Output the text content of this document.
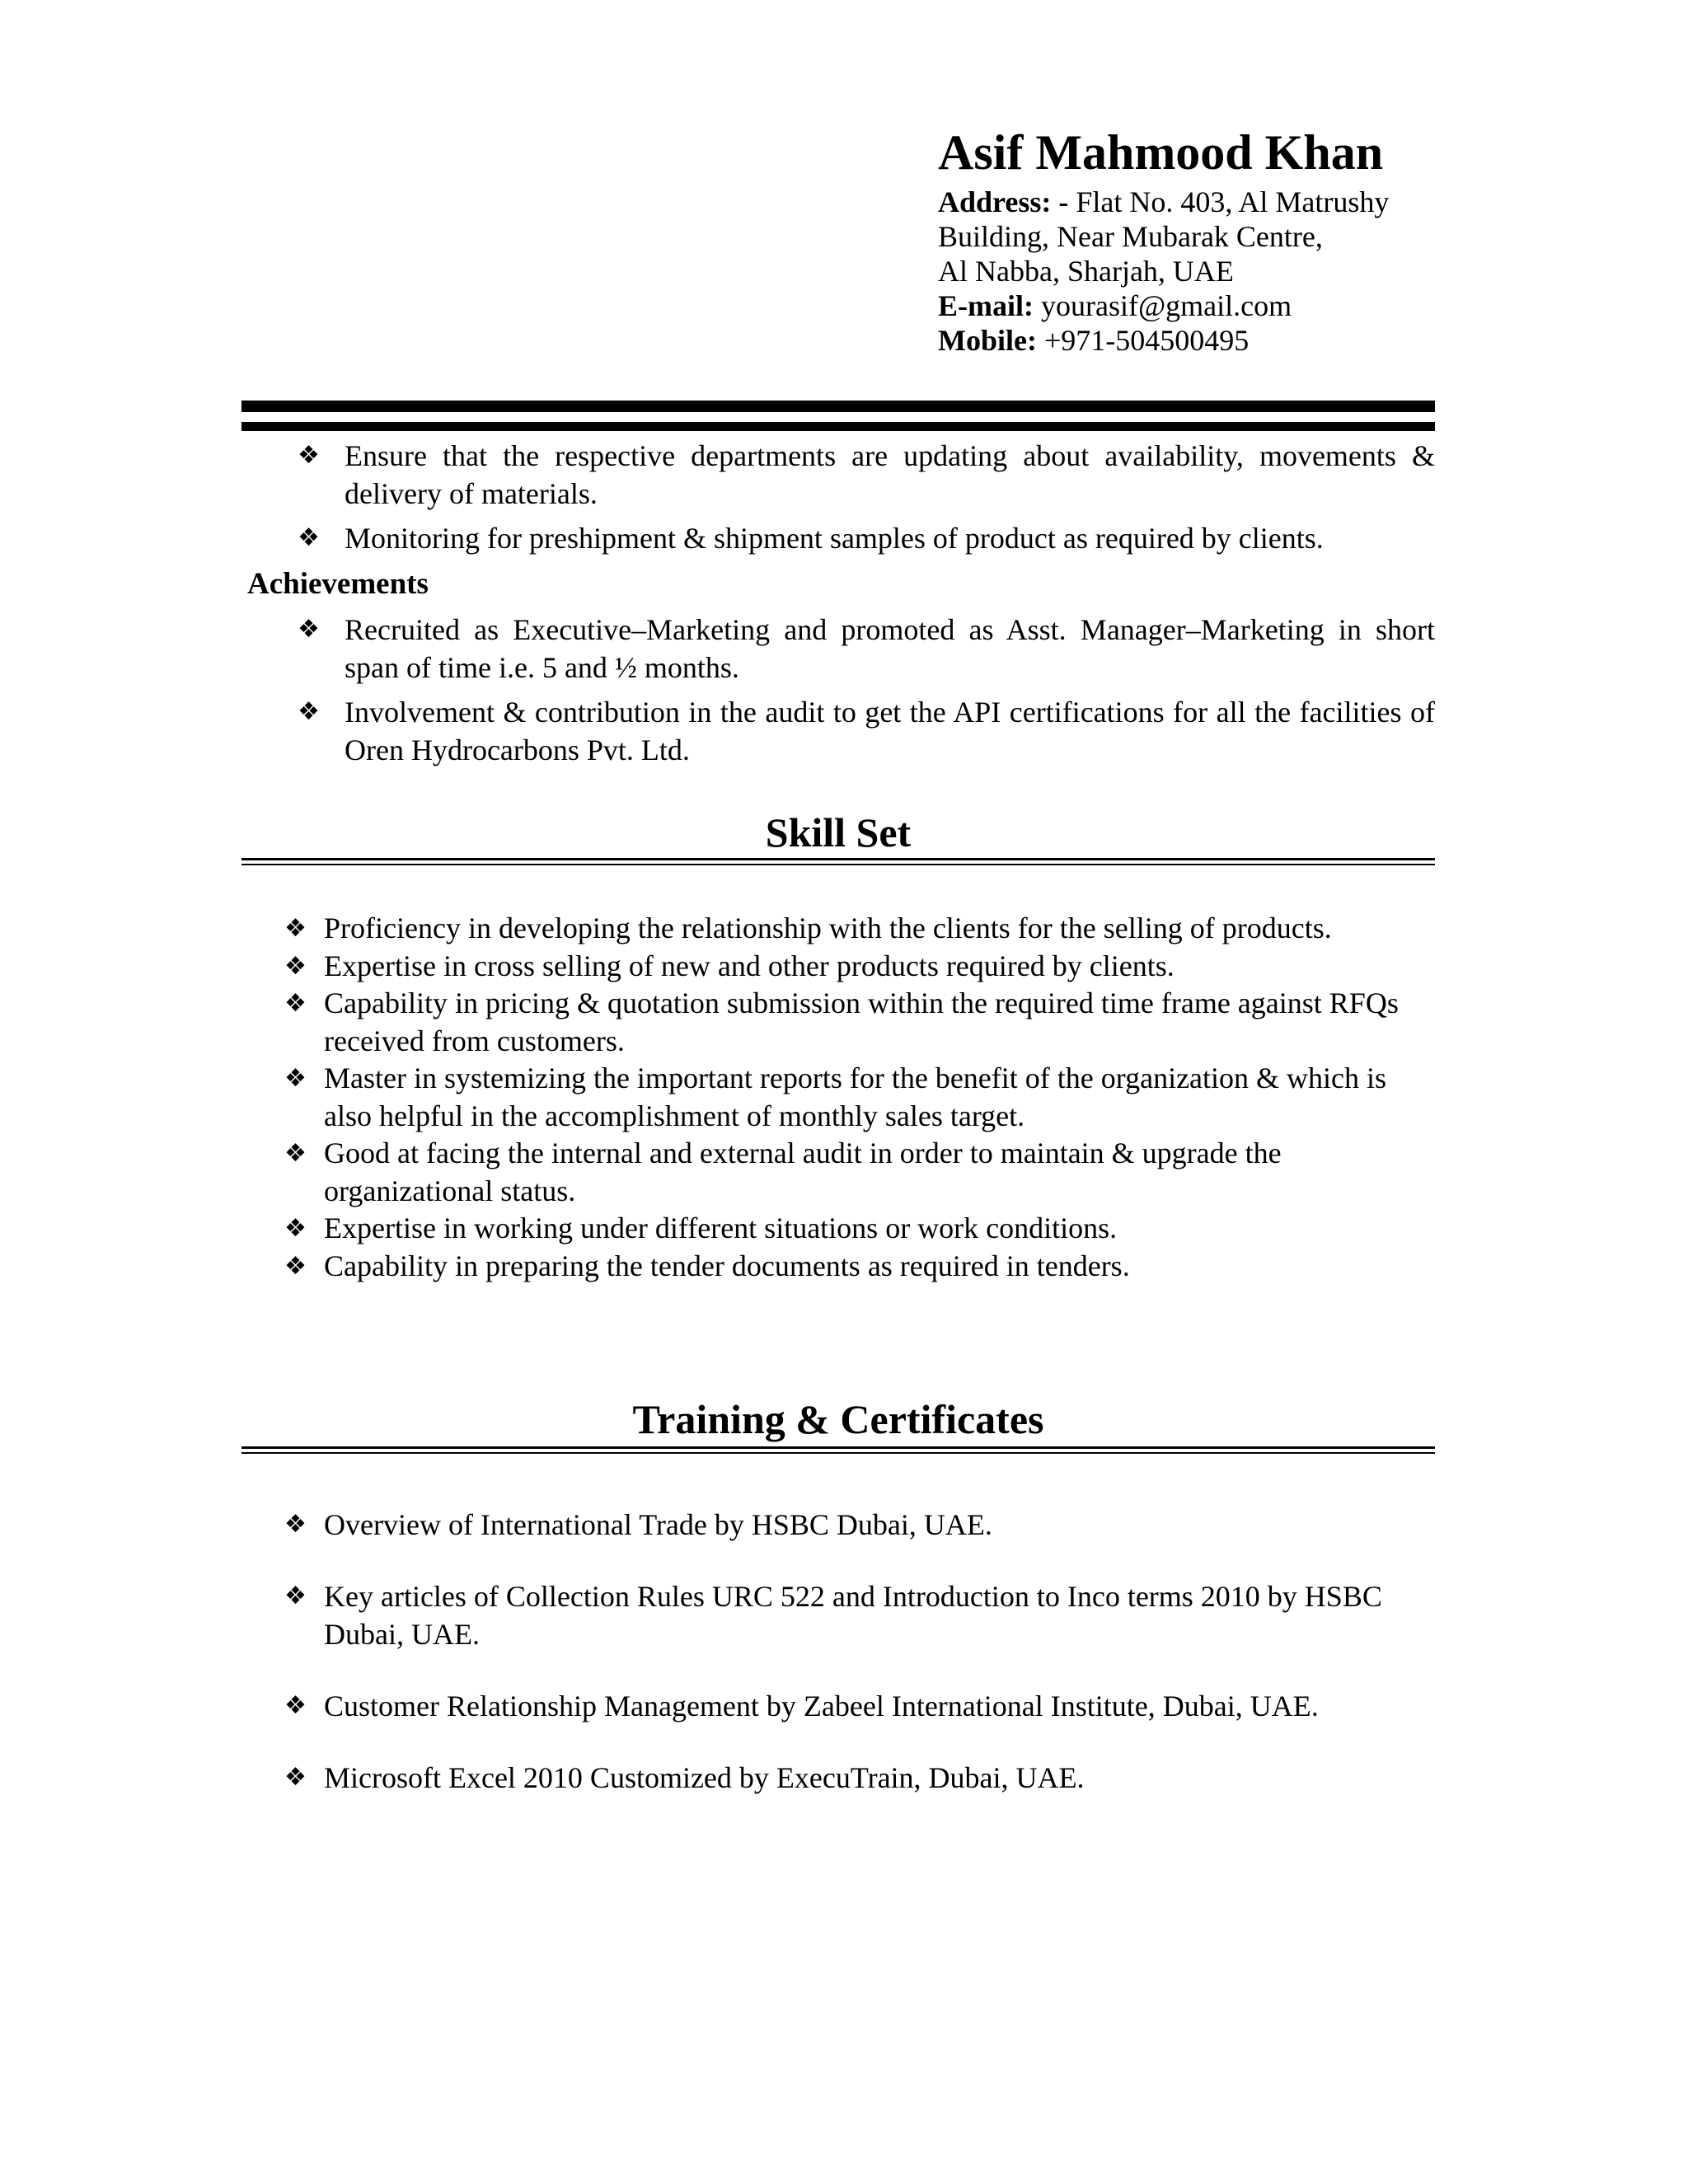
Asif Mahmood Khan
Address: - Flat No. 403, Al Matrushy
Building, Near Mubarak Centre,
Al Nabba, Sharjah, UAE
E-mail: yourasif@gmail.com
Mobile: +971-504500495
❖ Ensure that the respective departments are updating about availability, movements & delivery of materials.
❖ Monitoring for preshipment & shipment samples of product as required by clients.
Achievements
❖ Recruited as Executive–Marketing and promoted as Asst. Manager–Marketing in short span of time i.e. 5 and ½ months.
❖ Involvement & contribution in the audit to get the API certifications for all the facilities of Oren Hydrocarbons Pvt. Ltd.
Skill Set
❖ Proficiency in developing the relationship with the clients for the selling of products.
❖ Expertise in cross selling of new and other products required by clients.
❖ Capability in pricing & quotation submission within the required time frame against RFQs received from customers.
❖ Master in systemizing the important reports for the benefit of the organization & which is also helpful in the accomplishment of monthly sales target.
❖ Good at facing the internal and external audit in order to maintain & upgrade the organizational status.
❖ Expertise in working under different situations or work conditions.
❖ Capability in preparing the tender documents as required in tenders.
Training & Certificates
❖ Overview of International Trade by HSBC Dubai, UAE.
❖ Key articles of Collection Rules URC 522 and Introduction to Inco terms 2010 by HSBC Dubai, UAE.
❖ Customer Relationship Management by Zabeel International Institute, Dubai, UAE.
❖ Microsoft Excel 2010 Customized by ExecuTrain, Dubai, UAE.
